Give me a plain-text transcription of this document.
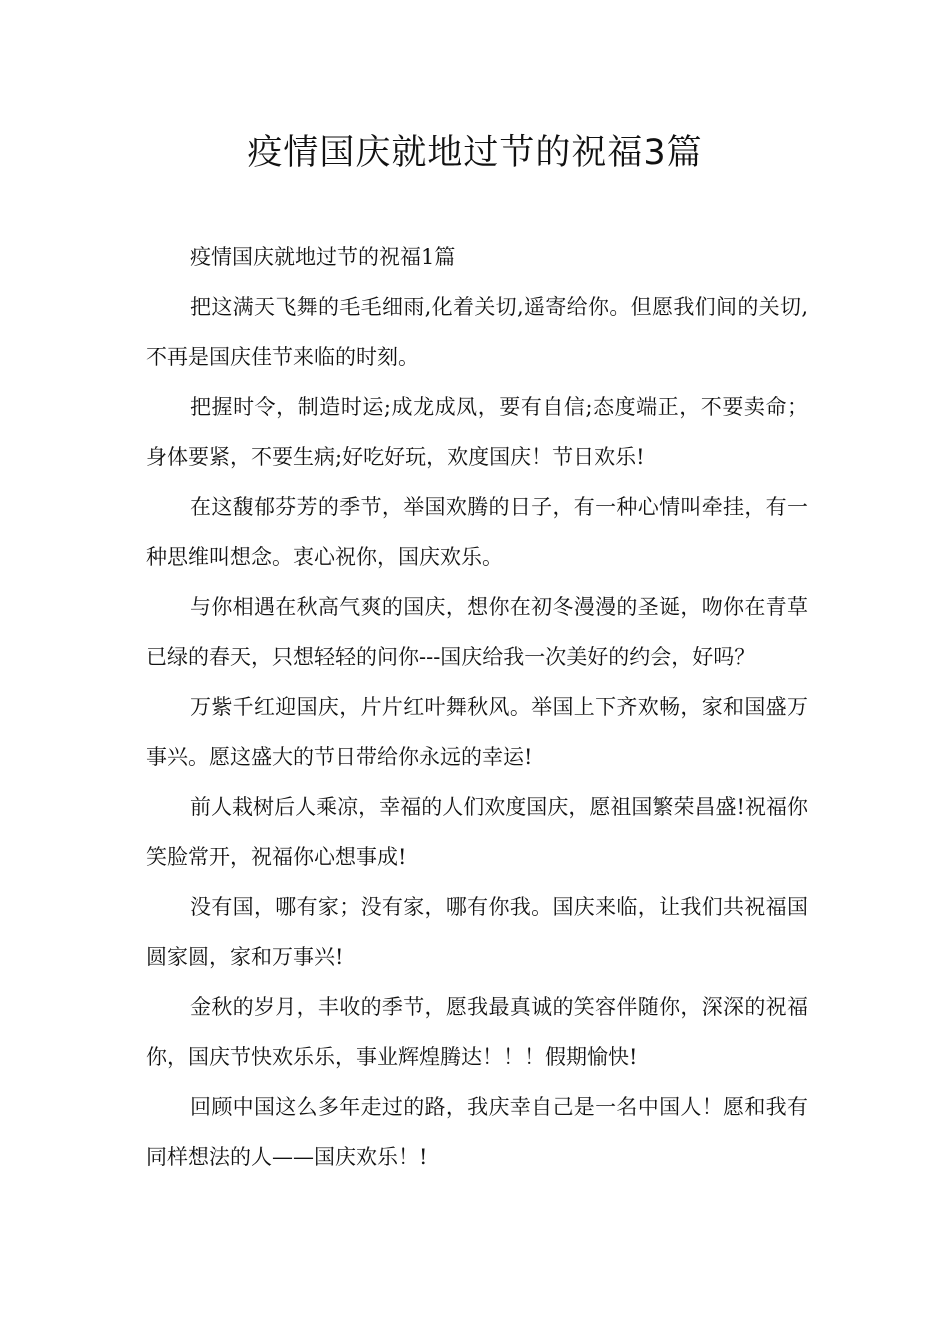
疫情国庆就地过节的祝福3篇

疫情国庆就地过节的祝福1篇

把这满天飞舞的毛毛细雨,化着关切,遥寄给你。但愿我们间的关切,不再是国庆佳节来临的时刻。

把握时令，制造时运;成龙成凤，要有自信;态度端正，不要卖命；身体要紧，不要生病;好吃好玩，欢度国庆！节日欢乐!

在这馥郁芬芳的季节，举国欢腾的日子，有一种心情叫牵挂，有一种思维叫想念。衷心祝你，国庆欢乐。

与你相遇在秋高气爽的国庆，想你在初冬漫漫的圣诞，吻你在青草已绿的春天，只想轻轻的问你---国庆给我一次美好的约会，好吗？

万紫千红迎国庆，片片红叶舞秋风。举国上下齐欢畅，家和国盛万事兴。愿这盛大的节日带给你永远的幸运!

前人栽树后人乘凉，幸福的人们欢度国庆，愿祖国繁荣昌盛!祝福你笑脸常开，祝福你心想事成!

没有国，哪有家；没有家，哪有你我。国庆来临，让我们共祝福国圆家圆，家和万事兴!

金秋的岁月，丰收的季节，愿我最真诚的笑容伴随你，深深的祝福你，国庆节快欢乐乐，事业辉煌腾达！！！假期愉快!

回顾中国这么多年走过的路，我庆幸自己是一名中国人！愿和我有同样想法的人——国庆欢乐！!
